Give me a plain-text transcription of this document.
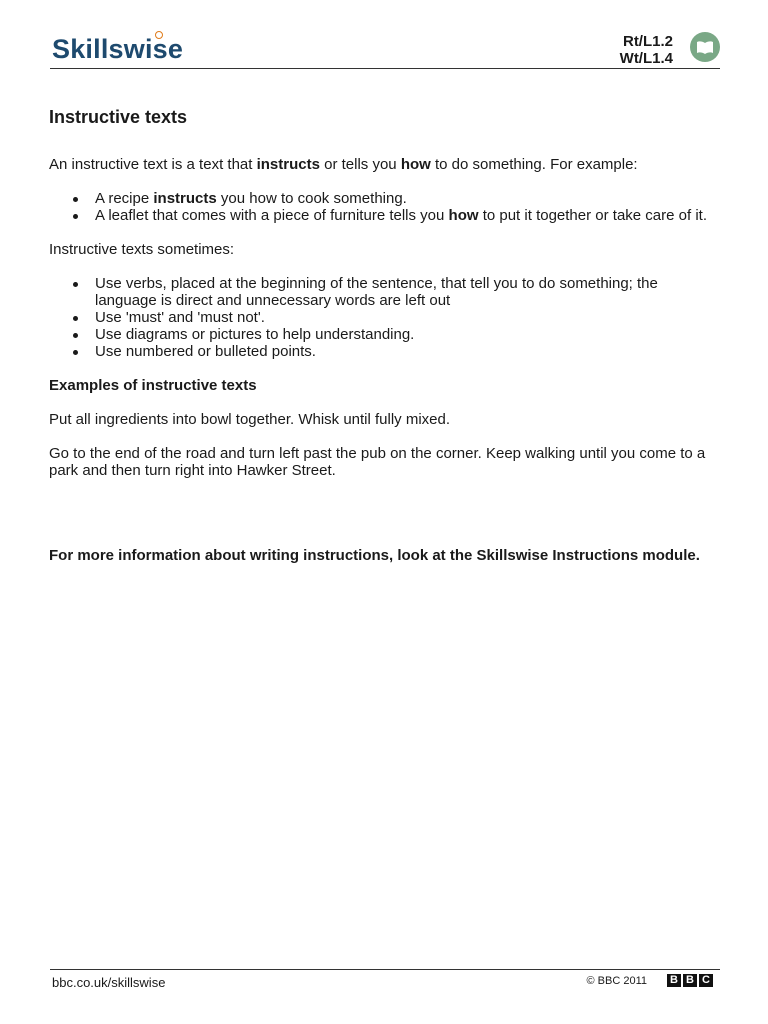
Skillswise	Rt/L1.2
Wt/L1.4
Instructive texts

An instructive text is a text that instructs or tells you how to do something. For example:

A recipe instructs you how to cook something.
A leaflet that comes with a piece of furniture tells you how to put it together or take care of it.

Instructive texts sometimes:

Use verbs, placed at the beginning of the sentence, that tell you to do something; the language is direct and unnecessary words are left out
Use 'must' and 'must not'.
Use diagrams or pictures to help understanding.
Use numbered or bulleted points.

Examples of instructive texts

Put all ingredients into bowl together. Whisk until fully mixed.

Go to the end of the road and turn left past the pub on the corner. Keep walking until you come to a park and then turn right into Hawker Street.

For more information about writing instructions, look at the Skillswise Instructions module.

bbc.co.uk/skillswise	© BBC 2011 B B C
